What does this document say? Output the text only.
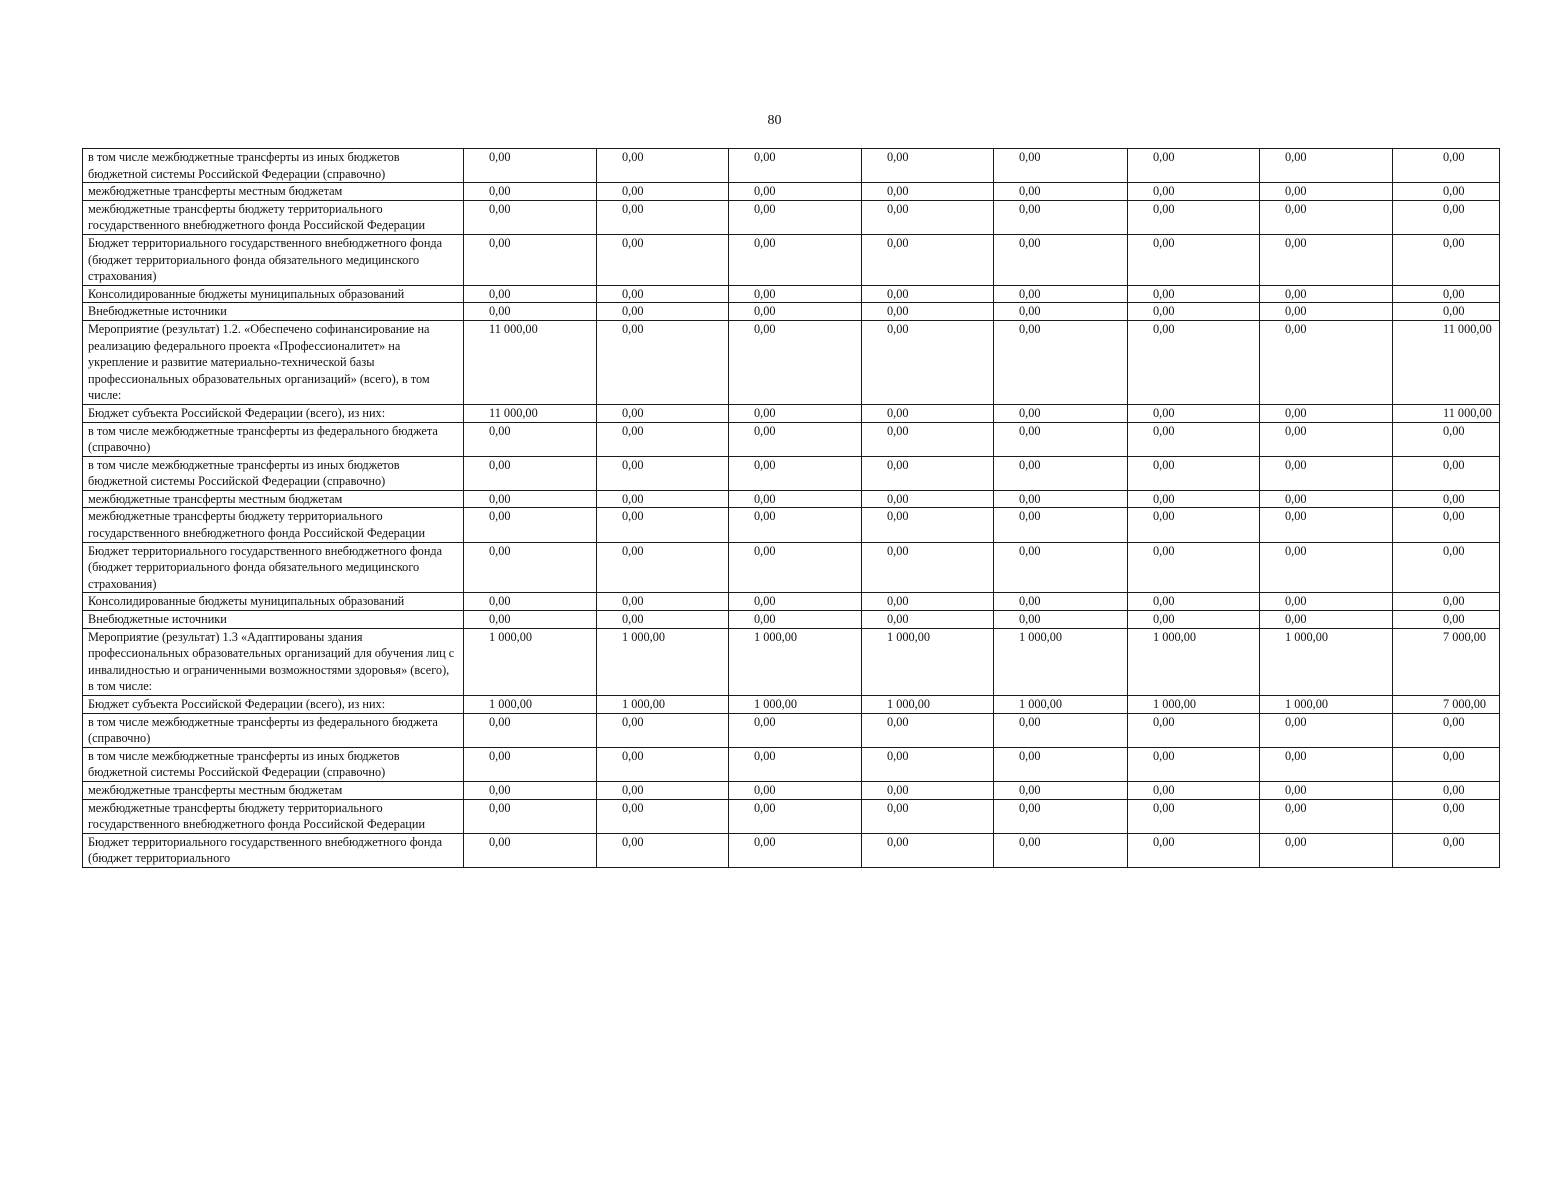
80
в том числе межбюджетные трансферты из иных бюджетов бюджетной системы Российской Федерации (справочно)	0,00	0,00	0,00	0,00	0,00	0,00	0,00	0,00
межбюджетные трансферты местным бюджетам	0,00	0,00	0,00	0,00	0,00	0,00	0,00	0,00
межбюджетные трансферты бюджету территориального государственного внебюджетного фонда Российской Федерации	0,00	0,00	0,00	0,00	0,00	0,00	0,00	0,00
Бюджет территориального государственного внебюджетного фонда (бюджет территориального фонда обязательного медицинского страхования)	0,00	0,00	0,00	0,00	0,00	0,00	0,00	0,00
Консолидированные бюджеты муниципальных образований	0,00	0,00	0,00	0,00	0,00	0,00	0,00	0,00
Внебюджетные источники	0,00	0,00	0,00	0,00	0,00	0,00	0,00	0,00
Мероприятие (результат) 1.2. «Обеспечено софинансирование на реализацию федерального проекта «Профессионалитет» на укрепление и развитие материально-технической базы профессиональных образовательных организаций» (всего), в том числе:	11 000,00	0,00	0,00	0,00	0,00	0,00	0,00	11 000,00
Бюджет субъекта Российской Федерации (всего), из них:	11 000,00	0,00	0,00	0,00	0,00	0,00	0,00	11 000,00
в том числе межбюджетные трансферты из федерального бюджета (справочно)	0,00	0,00	0,00	0,00	0,00	0,00	0,00	0,00
в том числе межбюджетные трансферты из иных бюджетов бюджетной системы Российской Федерации (справочно)	0,00	0,00	0,00	0,00	0,00	0,00	0,00	0,00
межбюджетные трансферты местным бюджетам	0,00	0,00	0,00	0,00	0,00	0,00	0,00	0,00
межбюджетные трансферты бюджету территориального государственного внебюджетного фонда Российской Федерации	0,00	0,00	0,00	0,00	0,00	0,00	0,00	0,00
Бюджет территориального государственного внебюджетного фонда (бюджет территориального фонда обязательного медицинского страхования)	0,00	0,00	0,00	0,00	0,00	0,00	0,00	0,00
Консолидированные бюджеты муниципальных образований	0,00	0,00	0,00	0,00	0,00	0,00	0,00	0,00
Внебюджетные источники	0,00	0,00	0,00	0,00	0,00	0,00	0,00	0,00
Мероприятие (результат) 1.3 «Адаптированы здания профессиональных образовательных организаций для обучения лиц с инвалидностью и ограниченными возможностями здоровья» (всего), в том числе:	1 000,00	1 000,00	1 000,00	1 000,00	1 000,00	1 000,00	1 000,00	7 000,00
Бюджет субъекта Российской Федерации (всего), из них:	1 000,00	1 000,00	1 000,00	1 000,00	1 000,00	1 000,00	1 000,00	7 000,00
в том числе межбюджетные трансферты из федерального бюджета (справочно)	0,00	0,00	0,00	0,00	0,00	0,00	0,00	0,00
в том числе межбюджетные трансферты из иных бюджетов бюджетной системы Российской Федерации (справочно)	0,00	0,00	0,00	0,00	0,00	0,00	0,00	0,00
межбюджетные трансферты местным бюджетам	0,00	0,00	0,00	0,00	0,00	0,00	0,00	0,00
межбюджетные трансферты бюджету территориального государственного внебюджетного фонда Российской Федерации	0,00	0,00	0,00	0,00	0,00	0,00	0,00	0,00
Бюджет территориального государственного внебюджетного фонда (бюджет территориального	0,00	0,00	0,00	0,00	0,00	0,00	0,00	0,00
